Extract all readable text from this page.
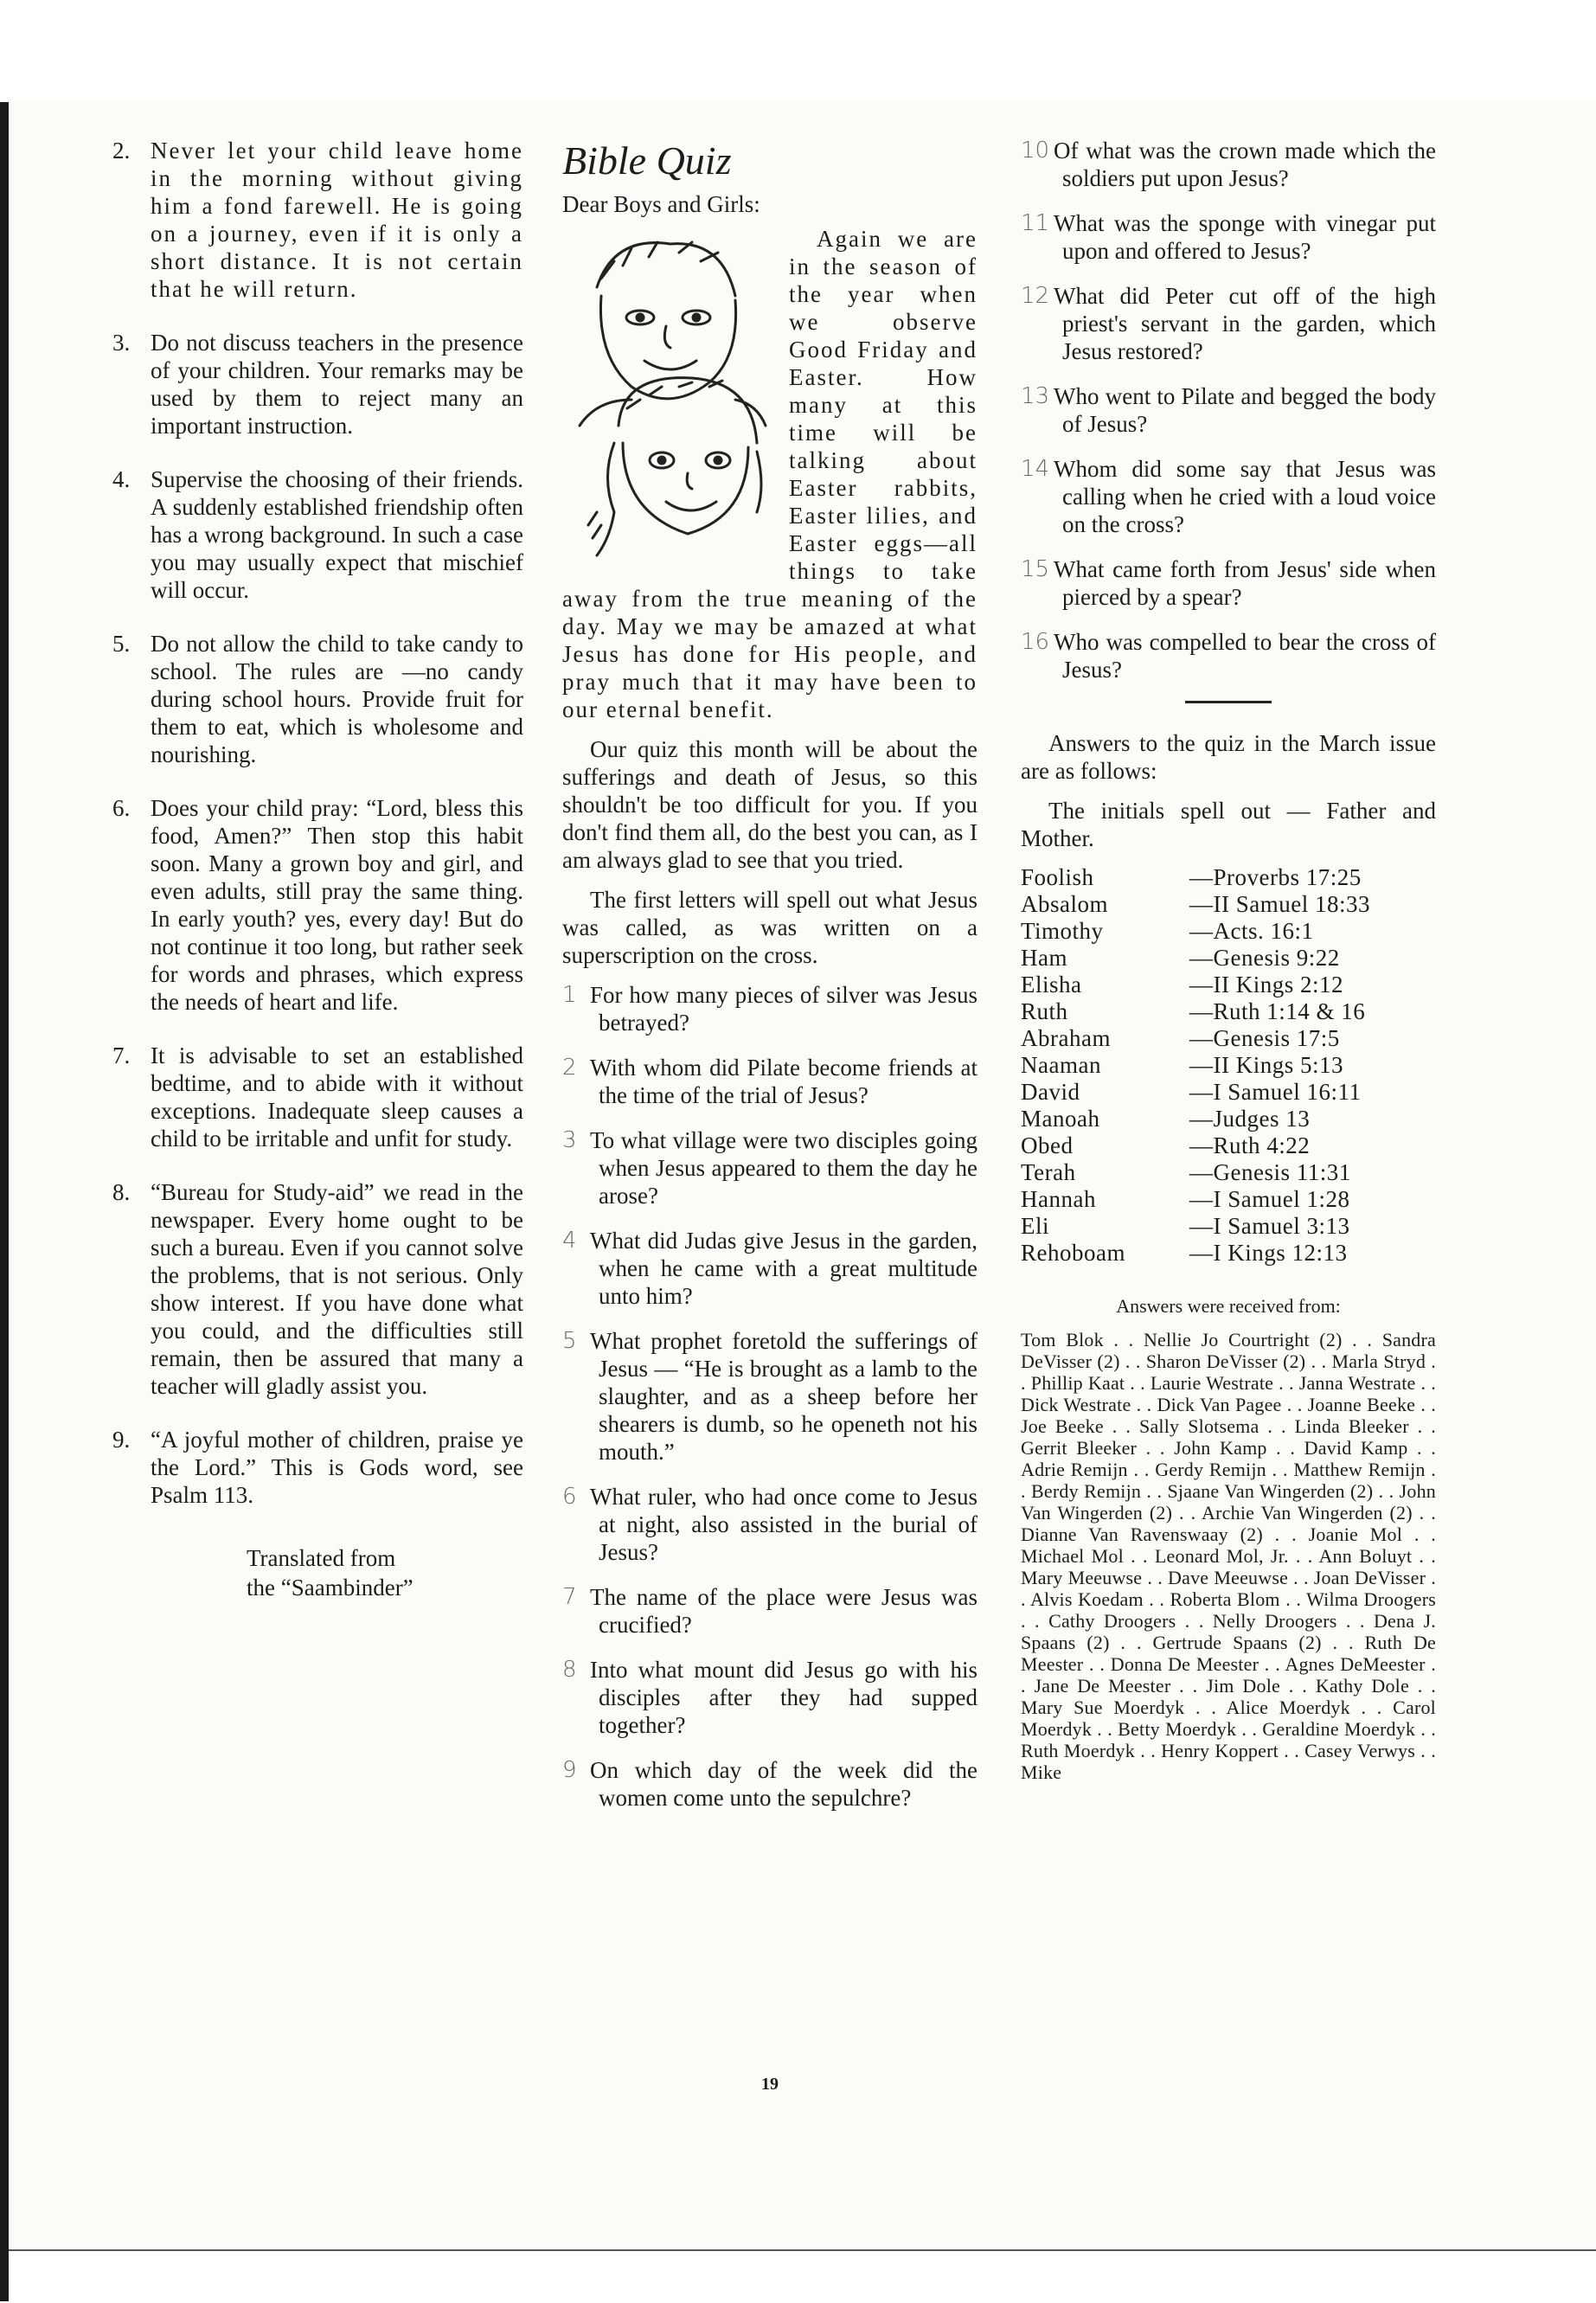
2. Never let your child leave home in the morning without giving him a fond farewell. He is going on a journey, even if it is only a short distance. It is not certain that he will return.
3. Do not discuss teachers in the presence of your children. Your remarks may be used by them to reject many an important instruction.
4. Supervise the choosing of their friends. A suddenly established friendship often has a wrong background. In such a case you may usually expect that mischief will occur.
5. Do not allow the child to take candy to school. The rules are —no candy during school hours. Provide fruit for them to eat, which is wholesome and nourishing.
6. Does your child pray: “Lord, bless this food, Amen?” Then stop this habit soon. Many a grown boy and girl, and even adults, still pray the same thing. In early youth? yes, every day! But do not continue it too long, but rather seek for words and phrases, which express the needs of heart and life.
7. It is advisable to set an established bedtime, and to abide with it without exceptions. Inadequate sleep causes a child to be irritable and unfit for study.
8. “Bureau for Study-aid” we read in the newspaper. Every home ought to be such a bureau. Even if you cannot solve the problems, that is not serious. Only show interest. If you have done what you could, and the difficulties still remain, then be assured that many a teacher will gladly assist you.
9. “A joyful mother of children, praise ye the Lord.” This is Gods word, see Psalm 113.
Translated from
the “Saambinder”
Bible Quiz
Dear Boys and Girls:
Again we are in the season of the year when we observe Good Friday and Easter. How many at this time will be talking about Easter rabbits, Easter lilies, and Easter eggs—all things to take away from the true meaning of the day. May we may be amazed at what Jesus has done for His people, and pray much that it may have been to our eternal benefit.
Our quiz this month will be about the sufferings and death of Jesus, so this shouldn't be too difficult for you. If you don't find them all, do the best you can, as I am always glad to see that you tried.
The first letters will spell out what Jesus was called, as was written on a superscription on the cross.
1 For how many pieces of silver was Jesus betrayed?
2 With whom did Pilate become friends at the time of the trial of Jesus?
3 To what village were two disciples going when Jesus appeared to them the day he arose?
4 What did Judas give Jesus in the garden, when he came with a great multitude unto him?
5 What prophet foretold the sufferings of Jesus — “He is brought as a lamb to the slaughter, and as a sheep before her shearers is dumb, so he openeth not his mouth.”
6 What ruler, who had once come to Jesus at night, also assisted in the burial of Jesus?
7 The name of the place were Jesus was crucified?
8 Into what mount did Jesus go with his disciples after they had supped together?
9 On which day of the week did the women come unto the sepulchre?
10 Of what was the crown made which the soldiers put upon Jesus?
11 What was the sponge with vinegar put upon and offered to Jesus?
12 What did Peter cut off of the high priest's servant in the garden, which Jesus restored?
13 Who went to Pilate and begged the body of Jesus?
14 Whom did some say that Jesus was calling when he cried with a loud voice on the cross?
15 What came forth from Jesus' side when pierced by a spear?
16 Who was compelled to bear the cross of Jesus?
Answers to the quiz in the March issue are as follows:
The initials spell out — Father and Mother.
Foolish	—Proverbs 17:25
Absalom	—II Samuel 18:33
Timothy	—Acts. 16:1
Ham	—Genesis 9:22
Elisha	—II Kings 2:12
Ruth	—Ruth 1:14 & 16
Abraham	—Genesis 17:5
Naaman	—II Kings 5:13
David	—I Samuel 16:11
Manoah	—Judges 13
Obed	—Ruth 4:22
Terah	—Genesis 11:31
Hannah	—I Samuel 1:28
Eli	—I Samuel 3:13
Rehoboam	—I Kings 12:13
Answers were received from:
Tom Blok . . Nellie Jo Courtright (2) . . Sandra DeVisser (2) . . Sharon DeVisser (2) . . Marla Stryd . . Phillip Kaat . . Laurie Westrate . . Janna Westrate . . Dick Westrate . . Dick Van Pagee . . Joanne Beeke . . Joe Beeke . . Sally Slotsema . . Linda Bleeker . . Gerrit Bleeker . . John Kamp . . David Kamp . . Adrie Remijn . . Gerdy Remijn . . Matthew Remijn . . Berdy Remijn . . Sjaane Van Wingerden (2) . . John Van Wingerden (2) . . Archie Van Wingerden (2) . . Dianne Van Ravenswaay (2) . . Joanie Mol . . Michael Mol . . Leonard Mol, Jr. . . Ann Boluyt . . Mary Meeuwse . . Dave Meeuwse . . Joan DeVisser . . Alvis Koedam . . Roberta Blom . . Wilma Droogers . . Cathy Droogers . . Nelly Droogers . . Dena J. Spaans (2) . . Gertrude Spaans (2) . . Ruth De Meester . . Donna De Meester . . Agnes DeMeester . . Jane De Meester . . Jim Dole . . Kathy Dole . . Mary Sue Moerdyk . . Alice Moerdyk . . Carol Moerdyk . . Betty Moerdyk . . Geraldine Moerdyk . . Ruth Moerdyk . . Henry Koppert . . Casey Verwys . . Mike
19
